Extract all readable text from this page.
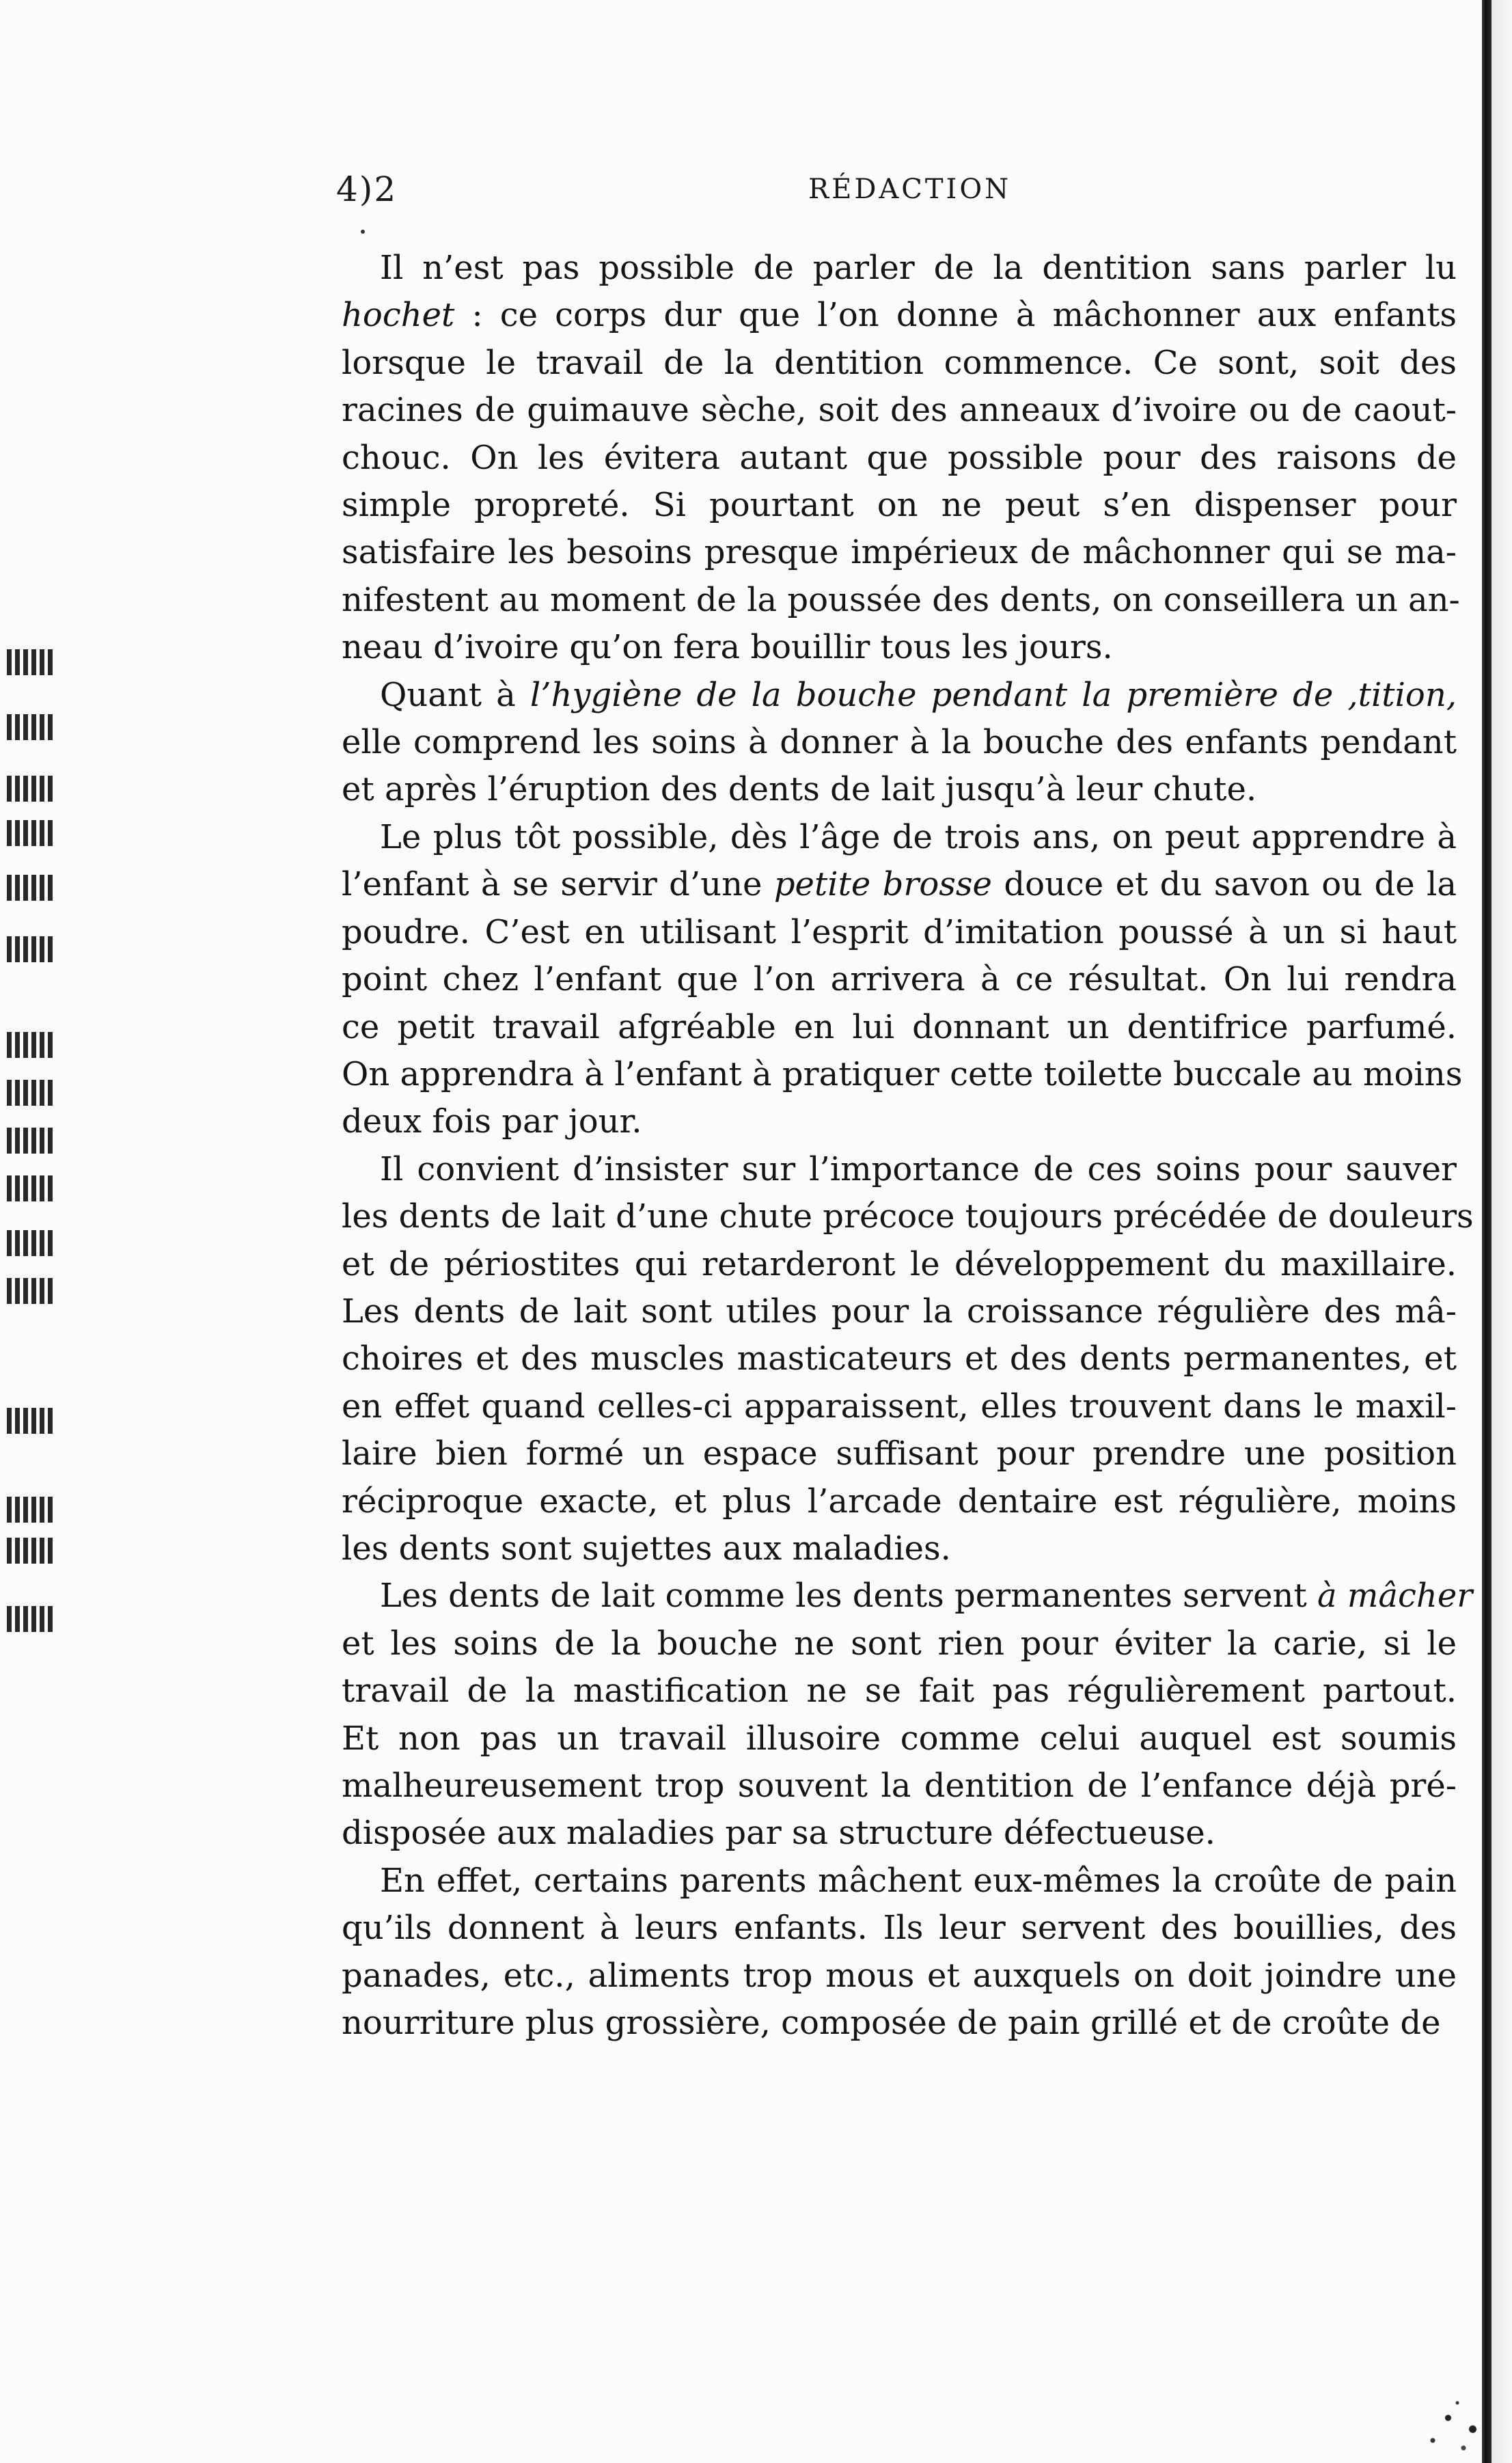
4)2	RÉDACTION

Il n’est pas possible de parler de la dentition sans parler lu
hochet : ce corps dur que l’on donne à mâchonner aux enfants
lorsque le travail de la dentition commence. Ce sont, soit des
racines de guimauve sèche, soit des anneaux d’ivoire ou de caout-
chouc. On les évitera autant que possible pour des raisons de
simple propreté. Si pourtant on ne peut s’en dispenser pour
satisfaire les besoins presque impérieux de mâchonner qui se ma-
nifestent au moment de la poussée des dents, on conseillera un an-
neau d’ivoire qu’on fera bouillir tous les jours.

Quant à l’hygiène de la bouche pendant la première de ,tition,
elle comprend les soins à donner à la bouche des enfants pendant
et après l’éruption des dents de lait jusqu’à leur chute.

Le plus tôt possible, dès l’âge de trois ans, on peut apprendre à
l’enfant à se servir d’une petite brosse douce et du savon ou de la
poudre. C’est en utilisant l’esprit d’imitation poussé à un si haut
point chez l’enfant que l’on arrivera à ce résultat. On lui rendra
ce petit travail afgréable en lui donnant un dentifrice parfumé.
On apprendra à l’enfant à pratiquer cette toilette buccale au moins
deux fois par jour.

Il convient d’insister sur l’importance de ces soins pour sauver
les dents de lait d’une chute précoce toujours précédée de douleurs
et de périostites qui retarderont le développement du maxillaire.
Les dents de lait sont utiles pour la croissance régulière des mâ-
choires et des muscles masticateurs et des dents permanentes, et
en effet quand celles-ci apparaissent, elles trouvent dans le maxil-
laire bien formé un espace suffisant pour prendre une position
réciproque exacte, et plus l’arcade dentaire est régulière, moins
les dents sont sujettes aux maladies.

Les dents de lait comme les dents permanentes servent à mâcher
et les soins de la bouche ne sont rien pour éviter la carie, si le
travail de la mastification ne se fait pas régulièrement partout.
Et non pas un travail illusoire comme celui auquel est soumis
malheureusement trop souvent la dentition de l’enfance déjà pré-
disposée aux maladies par sa structure défectueuse.

En effet, certains parents mâchent eux-mêmes la croûte de pain
qu’ils donnent à leurs enfants. Ils leur servent des bouillies, des
panades, etc., aliments trop mous et auxquels on doit joindre une
nourriture plus grossière, composée de pain grillé et de croûte de
